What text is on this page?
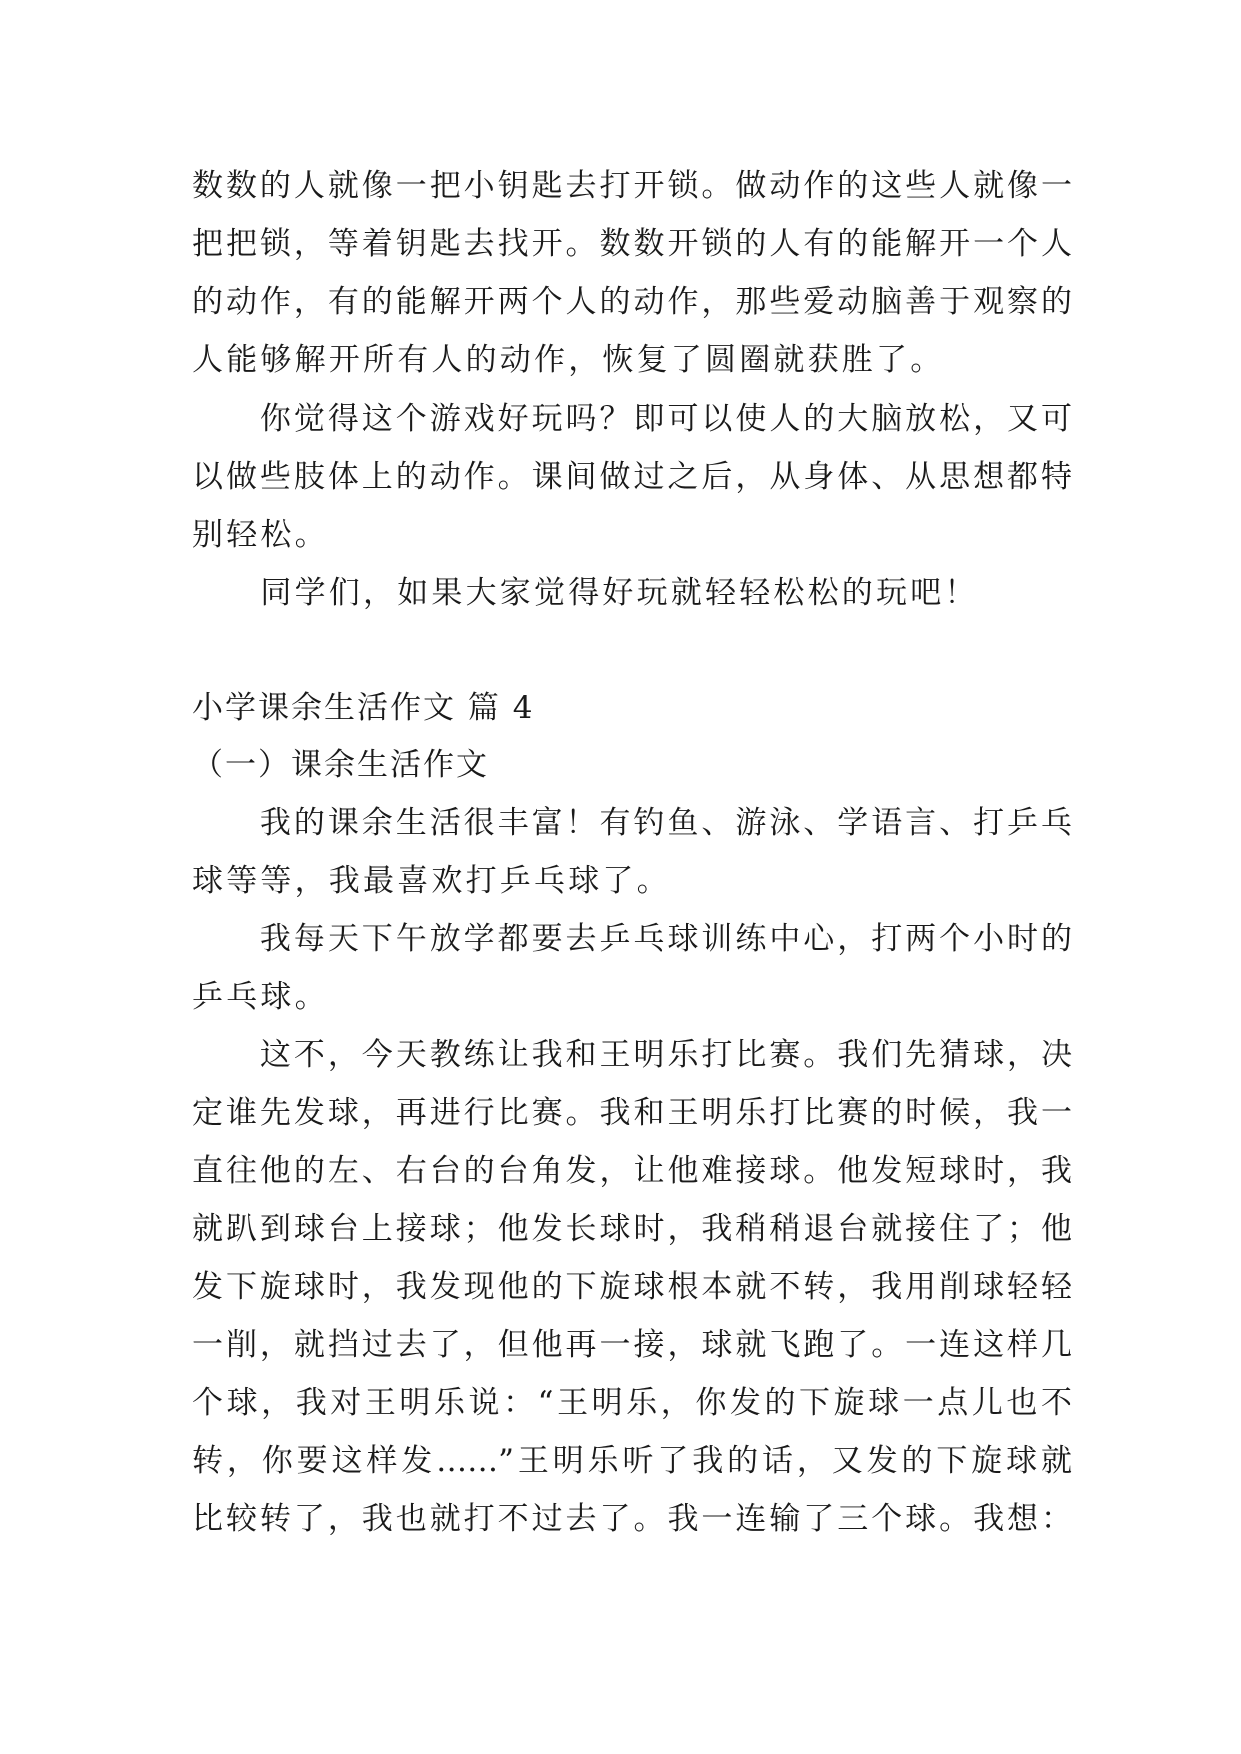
数数的人就像一把小钥匙去打开锁。做动作的这些人就像一
把把锁，等着钥匙去找开。数数开锁的人有的能解开一个人
的动作，有的能解开两个人的动作，那些爱动脑善于观察的
人能够解开所有人的动作，恢复了圆圈就获胜了。
　　你觉得这个游戏好玩吗？即可以使人的大脑放松，又可
以做些肢体上的动作。课间做过之后，从身体、从思想都特
别轻松。
　　同学们，如果大家觉得好玩就轻轻松松的玩吧！
小学课余生活作文 篇 4
（一）课余生活作文
　　我的课余生活很丰富！有钓鱼、游泳、学语言、打乒乓
球等等，我最喜欢打乒乓球了。
　　我每天下午放学都要去乒乓球训练中心，打两个小时的
乒乓球。
　　这不，今天教练让我和王明乐打比赛。我们先猜球，决
定谁先发球，再进行比赛。我和王明乐打比赛的时候，我一
直往他的左、右台的台角发，让他难接球。他发短球时，我
就趴到球台上接球；他发长球时，我稍稍退台就接住了；他
发下旋球时，我发现他的下旋球根本就不转，我用削球轻轻
一削，就挡过去了，但他再一接，球就飞跑了。一连这样几
个球，我对王明乐说：“王明乐，你发的下旋球一点儿也不
转，你要这样发……”王明乐听了我的话，又发的下旋球就
比较转了，我也就打不过去了。我一连输了三个球。我想：
